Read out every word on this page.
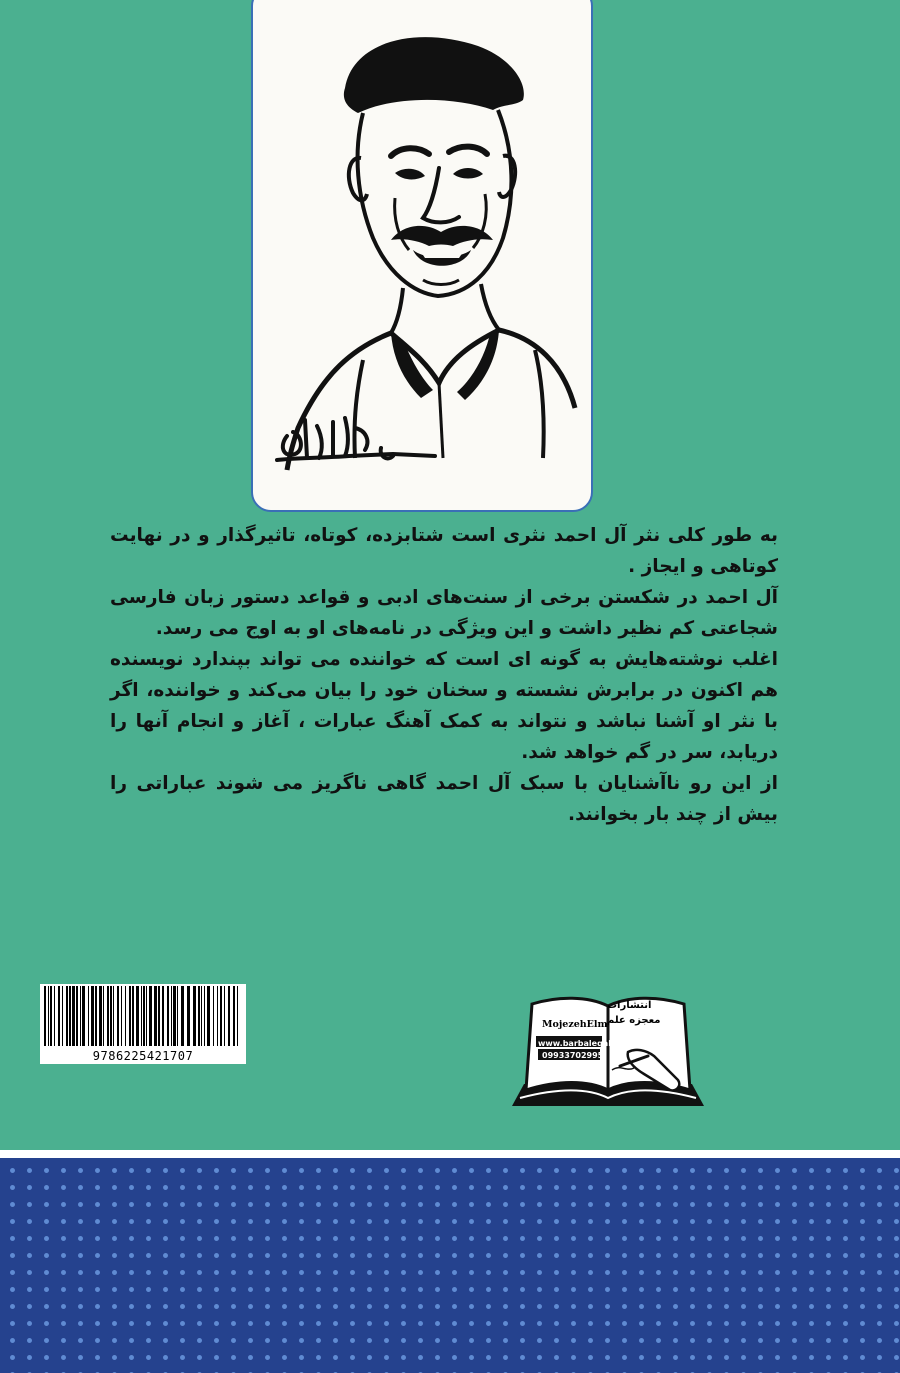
به طور کلی نثر آل احمد نثری است شتابزده، کوتاه، تاثیرگذار و در نهایت کوتاهی و ایجاز .

آل احمد در شکستن برخی از سنت‌های ادبی و قواعد دستور زبان فارسی شجاعتی کم نظیر داشت و این ویژگی در نامه‌های او به اوج می رسد.

اغلب نوشته‌هایش به گونه ای است که خواننده می تواند بپندارد نویسنده هم اکنون در برابرش نشسته و سخنان خود را بیان می‌کند و خواننده، اگر با نثر او آشنا نباشد و نتواند به کمک آهنگ عبارات ، آغاز و انجام آنها را دریابد، سر در گم خواهد شد.

از این رو ناآشنایان با سبک آل احمد گاهی ناگریز می شوند عباراتی را بیش از چند بار بخوانند.

9786225421707
انتشارات
معجزه علم
MojezehElm
www.barbaleqalam.ir
09933702995
